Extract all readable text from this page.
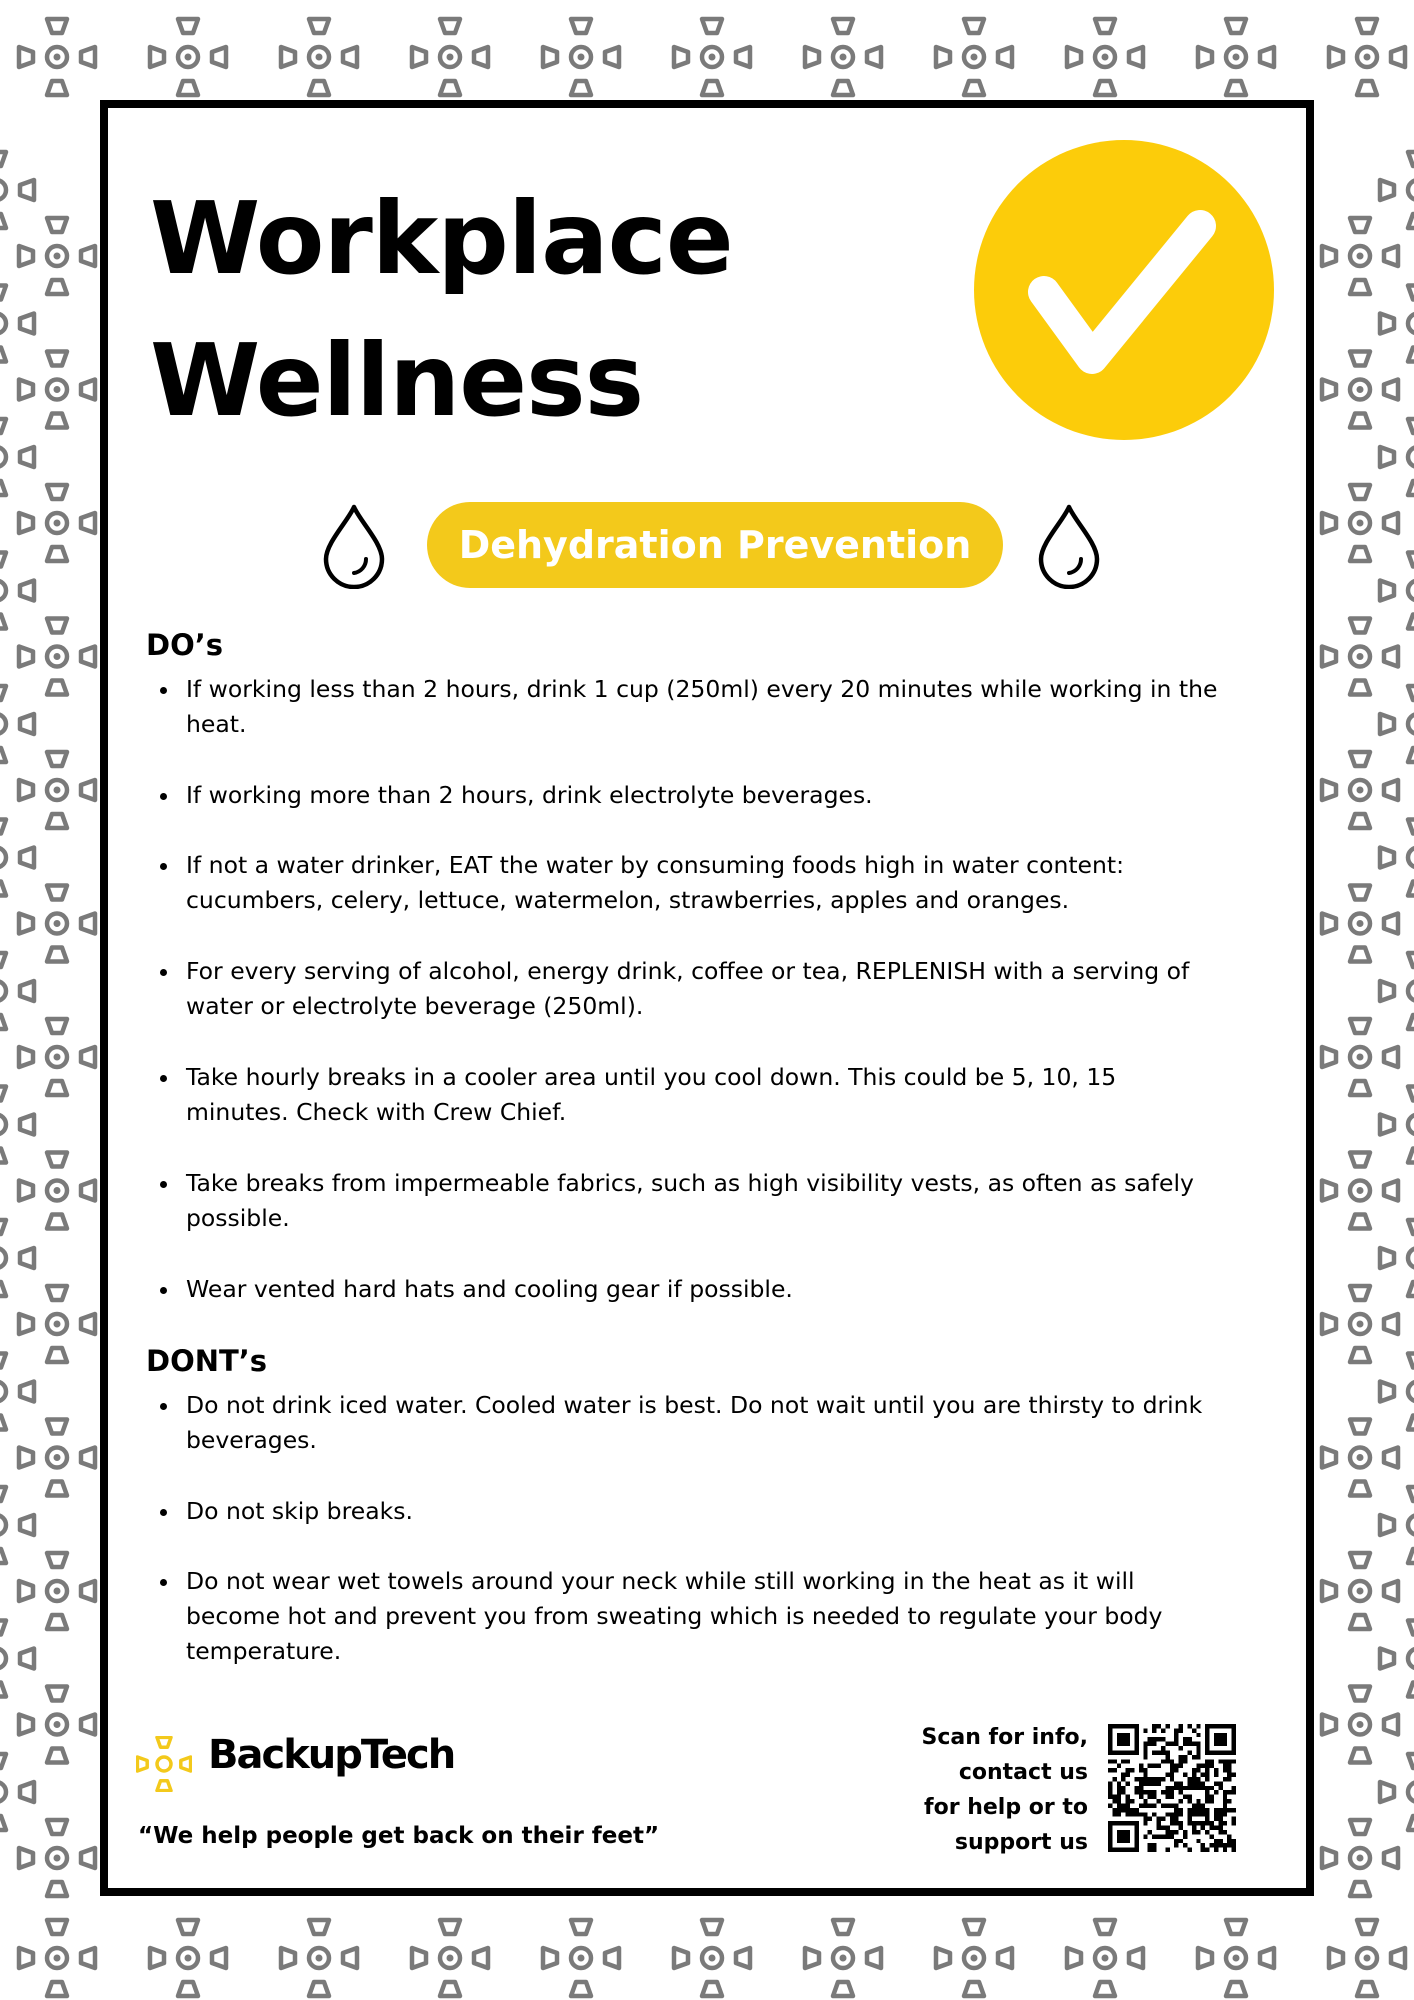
Workplace
Wellness
Dehydration Prevention
DO’s
If working less than 2 hours, drink 1 cup (250ml) every 20 minutes while working in the heat.
If working more than 2 hours, drink electrolyte beverages.
If not a water drinker, EAT the water by consuming foods high in water content: cucumbers, celery, lettuce, watermelon, strawberries, apples and oranges.
For every serving of alcohol, energy drink, coffee or tea, REPLENISH with a serving of water or electrolyte beverage (250ml).
Take hourly breaks in a cooler area until you cool down. This could be 5, 10, 15 minutes. Check with Crew Chief.
Take breaks from impermeable fabrics, such as high visibility vests, as often as safely possible.
Wear vented hard hats and cooling gear if possible.
DONT’s
Do not drink iced water. Cooled water is best. Do not wait until you are thirsty to drink beverages.
Do not skip breaks.
Do not wear wet towels around your neck while still working in the heat as it will become hot and prevent you from sweating which is needed to regulate your body temperature.
BackupTech
“We help people get back on their feet”
Scan for info,
contact us
for help or to
support us
